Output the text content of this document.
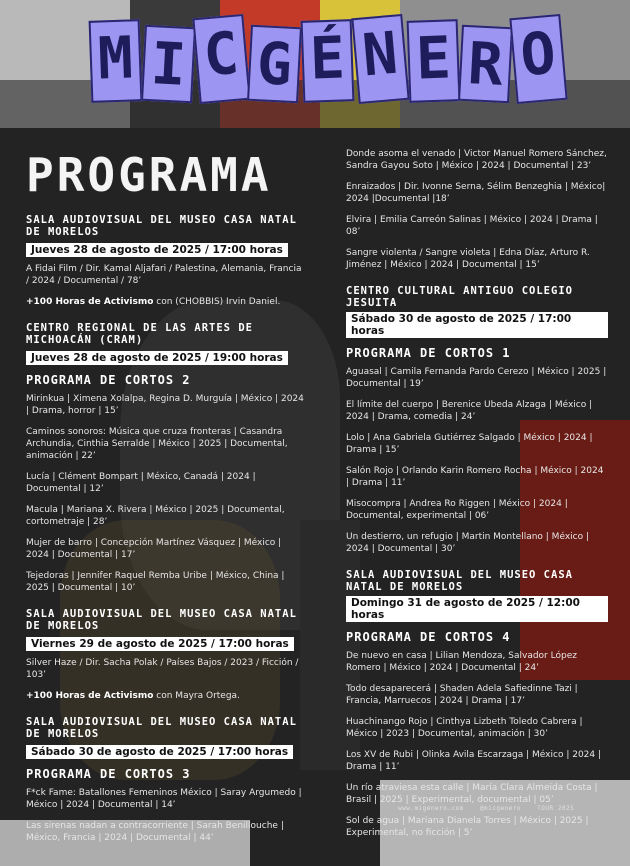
M I C G É N E R O
PROGRAMA
SALA AUDIOVISUAL DEL MUSEO CASA NATAL DE MORELOS
Jueves 28 de agosto de 2025 / 17:00 horas
A Fidai Film / Dir. Kamal Aljafari / Palestina, Alemania, Francia / 2024 / Documental / 78’
+100 Horas de Activismo con (CHOBBIS) Irvin Daniel.
CENTRO REGIONAL DE LAS ARTES DE MICHOACÁN (CRAM)
Jueves 28 de agosto de 2025 / 19:00 horas
PROGRAMA DE CORTOS 2
Mirinkua | Ximena Xolalpa, Regina D. Murguía | México | 2024 | Drama, horror | 15’
Caminos sonoros: Música que cruza fronteras | Casandra Archundia, Cinthia Serralde | México | 2025 | Documental, animación | 22’
Lucía | Clément Bompart | México, Canadá | 2024 | Documental | 12’
Macula | Mariana X. Rivera | México | 2025 | Documental, cortometraje | 28’
Mujer de barro | Concepción Martínez Vásquez | México | 2024 | Documental | 17’
Tejedoras | Jennifer Raquel Remba Uribe | México, China | 2025 | Documental | 10’
SALA AUDIOVISUAL DEL MUSEO CASA NATAL DE MORELOS
Viernes 29 de agosto de 2025 / 17:00 horas
Silver Haze / Dir. Sacha Polak / Países Bajos / 2023 / Ficción / 103’
+100 Horas de Activismo con Mayra Ortega.
SALA AUDIOVISUAL DEL MUSEO CASA NATAL DE MORELOS
Sábado 30 de agosto de 2025 / 17:00 horas
PROGRAMA DE CORTOS 3
F*ck Fame: Batallones Femeninos México | Saray Argumedo | México | 2024 | Documental | 14’
Las sirenas nadan a contracorriente | Sarah Benillouche | México, Francia | 2024 | Documental | 44’
Donde asoma el venado | Victor Manuel Romero Sánchez, Sandra Gayou Soto | México | 2024 | Documental | 23’
Enraizados | Dir. Ivonne Serna, Sélim Benzeghia | México| 2024 |Documental |18’
Elvira | Emilia Carreón Salinas | México | 2024 | Drama | 08’
Sangre violenta / Sangre violeta | Edna Díaz, Arturo R. Jiménez | México | 2024 | Documental | 15’
CENTRO CULTURAL ANTIGUO COLEGIO JESUITA
Sábado 30 de agosto de 2025 / 17:00 horas
PROGRAMA DE CORTOS 1
Aguasal | Camila Fernanda Pardo Cerezo | México | 2025 | Documental | 19’
El límite del cuerpo | Berenice Ubeda Alzaga | México | 2024 | Drama, comedia | 24’
Lolo | Ana Gabriela Gutiérrez Salgado | México | 2024 | Drama | 15’
Salón Rojo | Orlando Karin Romero Rocha | México | 2024 | Drama | 11’
Misocompra | Andrea Ro Riggen | México | 2024 | Documental, experimental | 06’
Un destierro, un refugio | Martin Montellano | México | 2024 | Documental | 30’
SALA AUDIOVISUAL DEL MUSEO CASA NATAL DE MORELOS
Domingo 31 de agosto de 2025 / 12:00 horas
PROGRAMA DE CORTOS 4
De nuevo en casa | Lilian Mendoza, Salvador López Romero | México | 2024 | Documental | 24’
Todo desaparecerá | Shaden Adela Safiedinne Tazi | Francia, Marruecos | 2024 | Drama | 17’
Huachinango Rojo | Cinthya Lizbeth Toledo Cabrera | México | 2023 | Documental, animación | 30’
Los XV de Rubi | Olinka Avila Escarzaga | México | 2024 | Drama | 11’
Un río atraviesa esta calle | María Clara Almeida Costa | Brasil | 2025 | Experimental, documental | 05’
Sol de agua | Mariana Dianela Torres | México | 2025 | Experimental, no ficción | 5’
www.migenero.com	@micgenero	TOUR 2025
